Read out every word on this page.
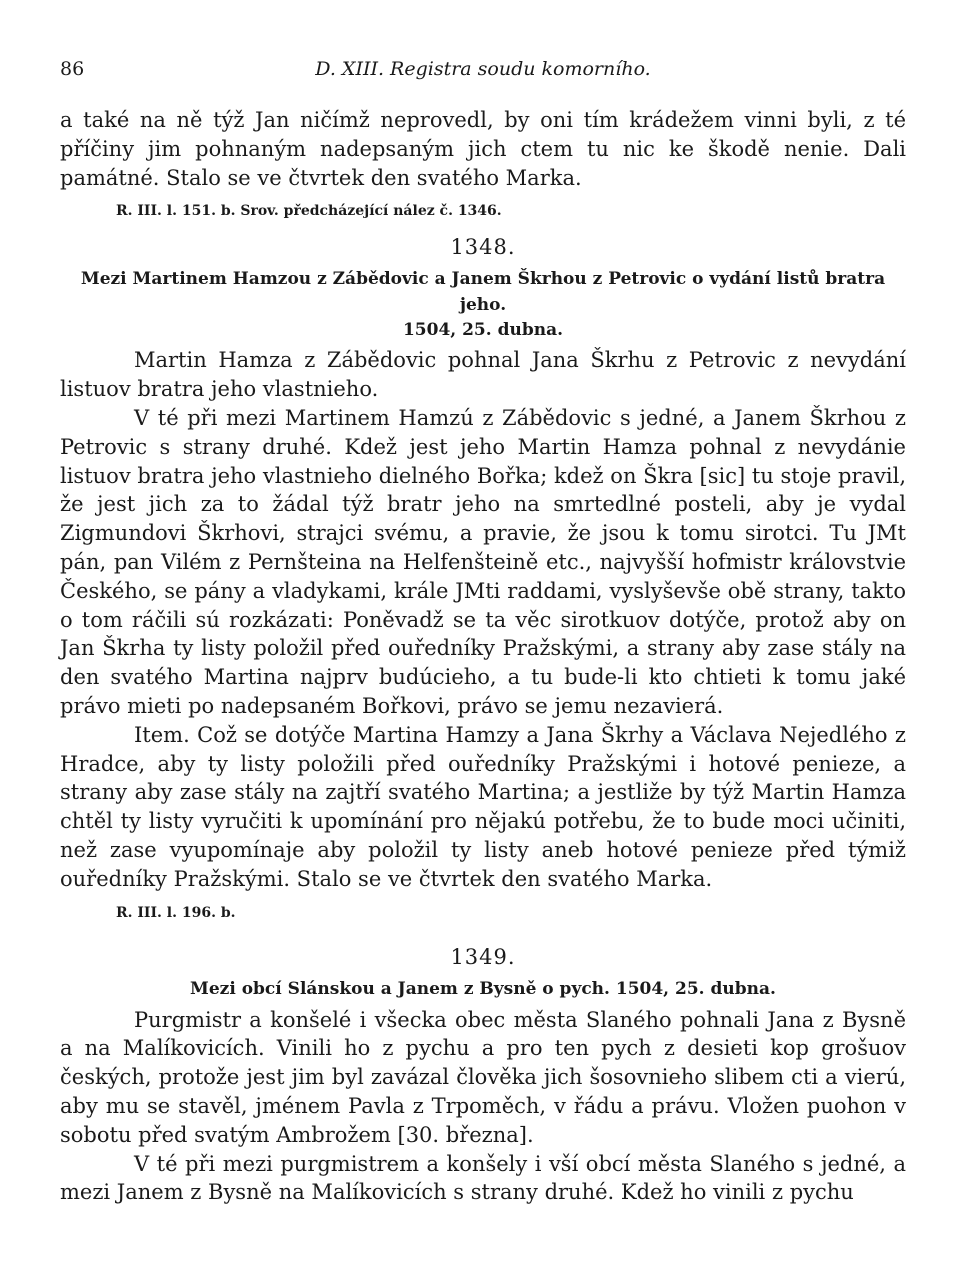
86	D. XIII. Registra soudu komorního.

a také na ně týž Jan ničímž neprovedl, by oni tím krádežem vinni byli, z té příčiny jim pohnaným nadepsaným jich ctem tu nic ke škodě nenie. Dali památné. Stalo se ve čtvrtek den svatého Marka.

R. III. l. 151. b. Srov. předcházející nález č. 1346.

1348.
Mezi Martinem Hamzou z Zábědovic a Janem Škrhou z Petrovic o vydání listů bratra jeho.
1504, 25. dubna.

Martin Hamza z Zábědovic pohnal Jana Škrhu z Petrovic z nevydání listuov bratra jeho vlastnieho.

V té při mezi Martinem Hamzú z Zábědovic s jedné, a Janem Škrhou z Petrovic s strany druhé. Kdež jest jeho Martin Hamza pohnal z nevydánie listuov bratra jeho vlastnieho dielného Bořka; kdež on Škra [sic] tu stoje pravil, že jest jich za to žádal týž bratr jeho na smrtedlné posteli, aby je vydal Zigmundovi Škrhovi, strajci svému, a pravie, že jsou k tomu sirotci. Tu JMt pán, pan Vilém z Pernšteina na Helfenšteině etc., najvyšší hofmistr královstvie Českého, se pány a vladykami, krále JMti raddami, vyslyševše obě strany, takto o tom ráčili sú rozkázati: Poněvadž se ta věc sirotkuov dotýče, protož aby on Jan Škrha ty listy položil před ouředníky Pražskými, a strany aby zase stály na den svatého Martina najprv budúcieho, a tu bude-li kto chtieti k tomu jaké právo mieti po nadepsaném Bořkovi, právo se jemu nezavierá.

Item. Což se dotýče Martina Hamzy a Jana Škrhy a Václava Nejedlého z Hradce, aby ty listy položili před ouředníky Pražskými i hotové penieze, a strany aby zase stály na zajtří svatého Martina; a jestliže by týž Martin Hamza chtěl ty listy vyručiti k upomínání pro nějakú potřebu, že to bude moci učiniti, než zase vyupomínaje aby položil ty listy aneb hotové penieze před týmiž ouředníky Pražskými. Stalo se ve čtvrtek den svatého Marka.

R. III. l. 196. b.

1349.
Mezi obcí Slánskou a Janem z Bysně o pych. 1504, 25. dubna.

Purgmistr a konšelé i všecka obec města Slaného pohnali Jana z Bysně a na Malíkovicích. Vinili ho z pychu a pro ten pych z desieti kop grošuov českých, protože jest jim byl zavázal člověka jich šosovnieho slibem cti a vierú, aby mu se stavěl, jménem Pavla z Trpoměch, v řádu a právu. Vložen puohon v sobotu před svatým Ambrožem [30. března].

V té při mezi purgmistrem a konšely i vší obcí města Slaného s jedné, a mezi Janem z Bysně na Malíkovicích s strany druhé. Kdež ho vinili z pychu
